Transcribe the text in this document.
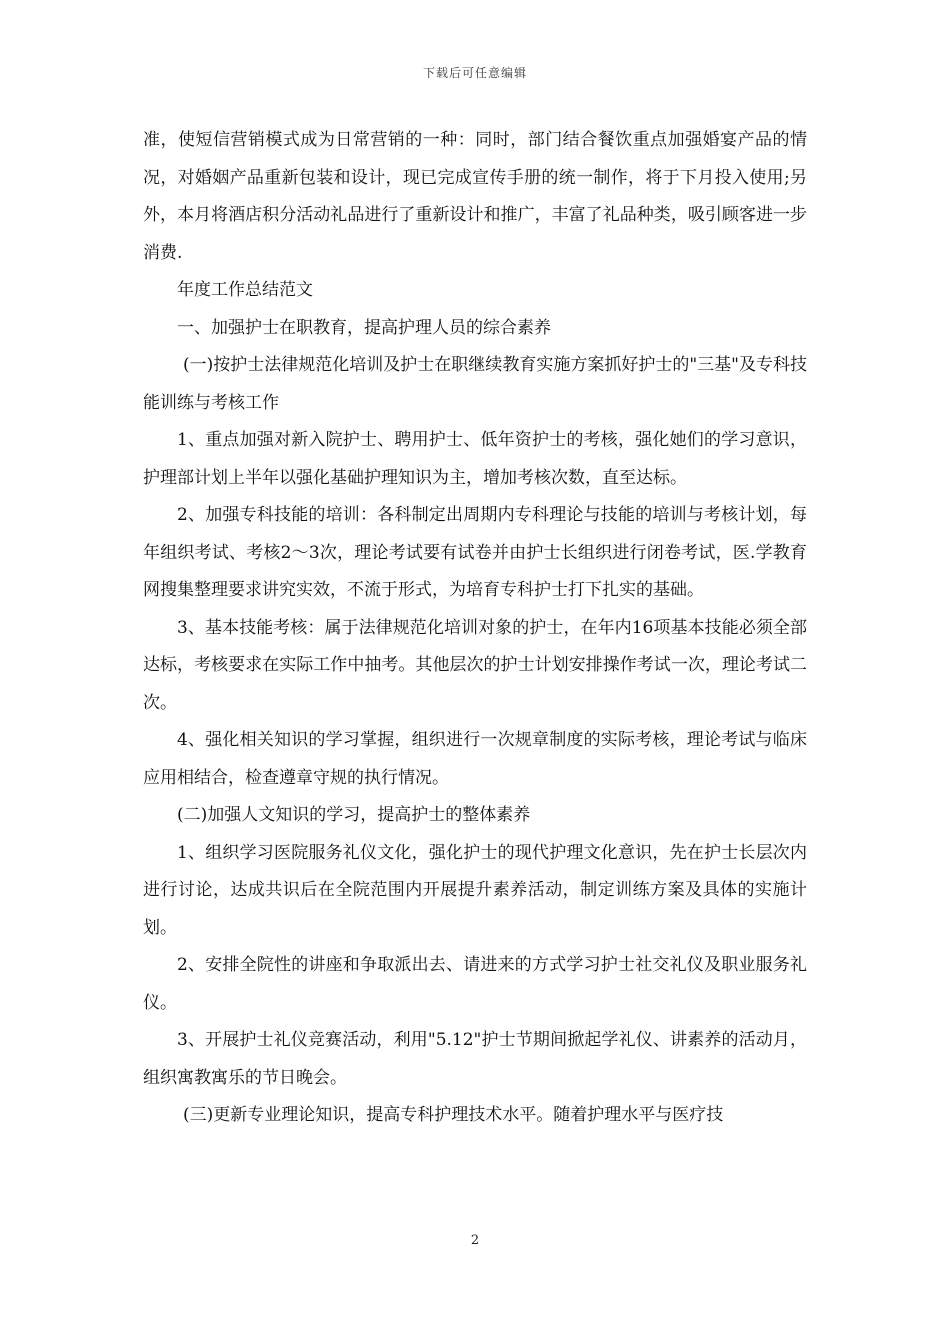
下载后可任意编辑

准，使短信营销模式成为日常营销的一种：同时，部门结合餐饮重点加强婚宴产品的情况，对婚姻产品重新包装和设计，现已完成宣传手册的统一制作，将于下月投入使用;另外，本月将酒店积分活动礼品进行了重新设计和推广，丰富了礼品种类，吸引顾客进一步消费.

年度工作总结范文

一、加强护士在职教育，提高护理人员的综合素养

(一)按护士法律规范化培训及护士在职继续教育实施方案抓好护士的"三基"及专科技能训练与考核工作

1、重点加强对新入院护士、聘用护士、低年资护士的考核，强化她们的学习意识，护理部计划上半年以强化基础护理知识为主，增加考核次数，直至达标。

2、加强专科技能的培训：各科制定出周期内专科理论与技能的培训与考核计划，每年组织考试、考核2～3次，理论考试要有试卷并由护士长组织进行闭卷考试，医.学教育网搜集整理要求讲究实效，不流于形式，为培育专科护士打下扎实的基础。

3、基本技能考核：属于法律规范化培训对象的护士，在年内16项基本技能必须全部达标，考核要求在实际工作中抽考。其他层次的护士计划安排操作考试一次，理论考试二次。

4、强化相关知识的学习掌握，组织进行一次规章制度的实际考核，理论考试与临床应用相结合，检查遵章守规的执行情况。

(二)加强人文知识的学习，提高护士的整体素养

1、组织学习医院服务礼仪文化，强化护士的现代护理文化意识，先在护士长层次内进行讨论，达成共识后在全院范围内开展提升素养活动，制定训练方案及具体的实施计划。

2、安排全院性的讲座和争取派出去、请进来的方式学习护士社交礼仪及职业服务礼仪。

3、开展护士礼仪竞赛活动，利用"5.12"护士节期间掀起学礼仪、讲素养的活动月，组织寓教寓乐的节日晚会。

(三)更新专业理论知识，提高专科护理技术水平。随着护理水平与医疗技

2
